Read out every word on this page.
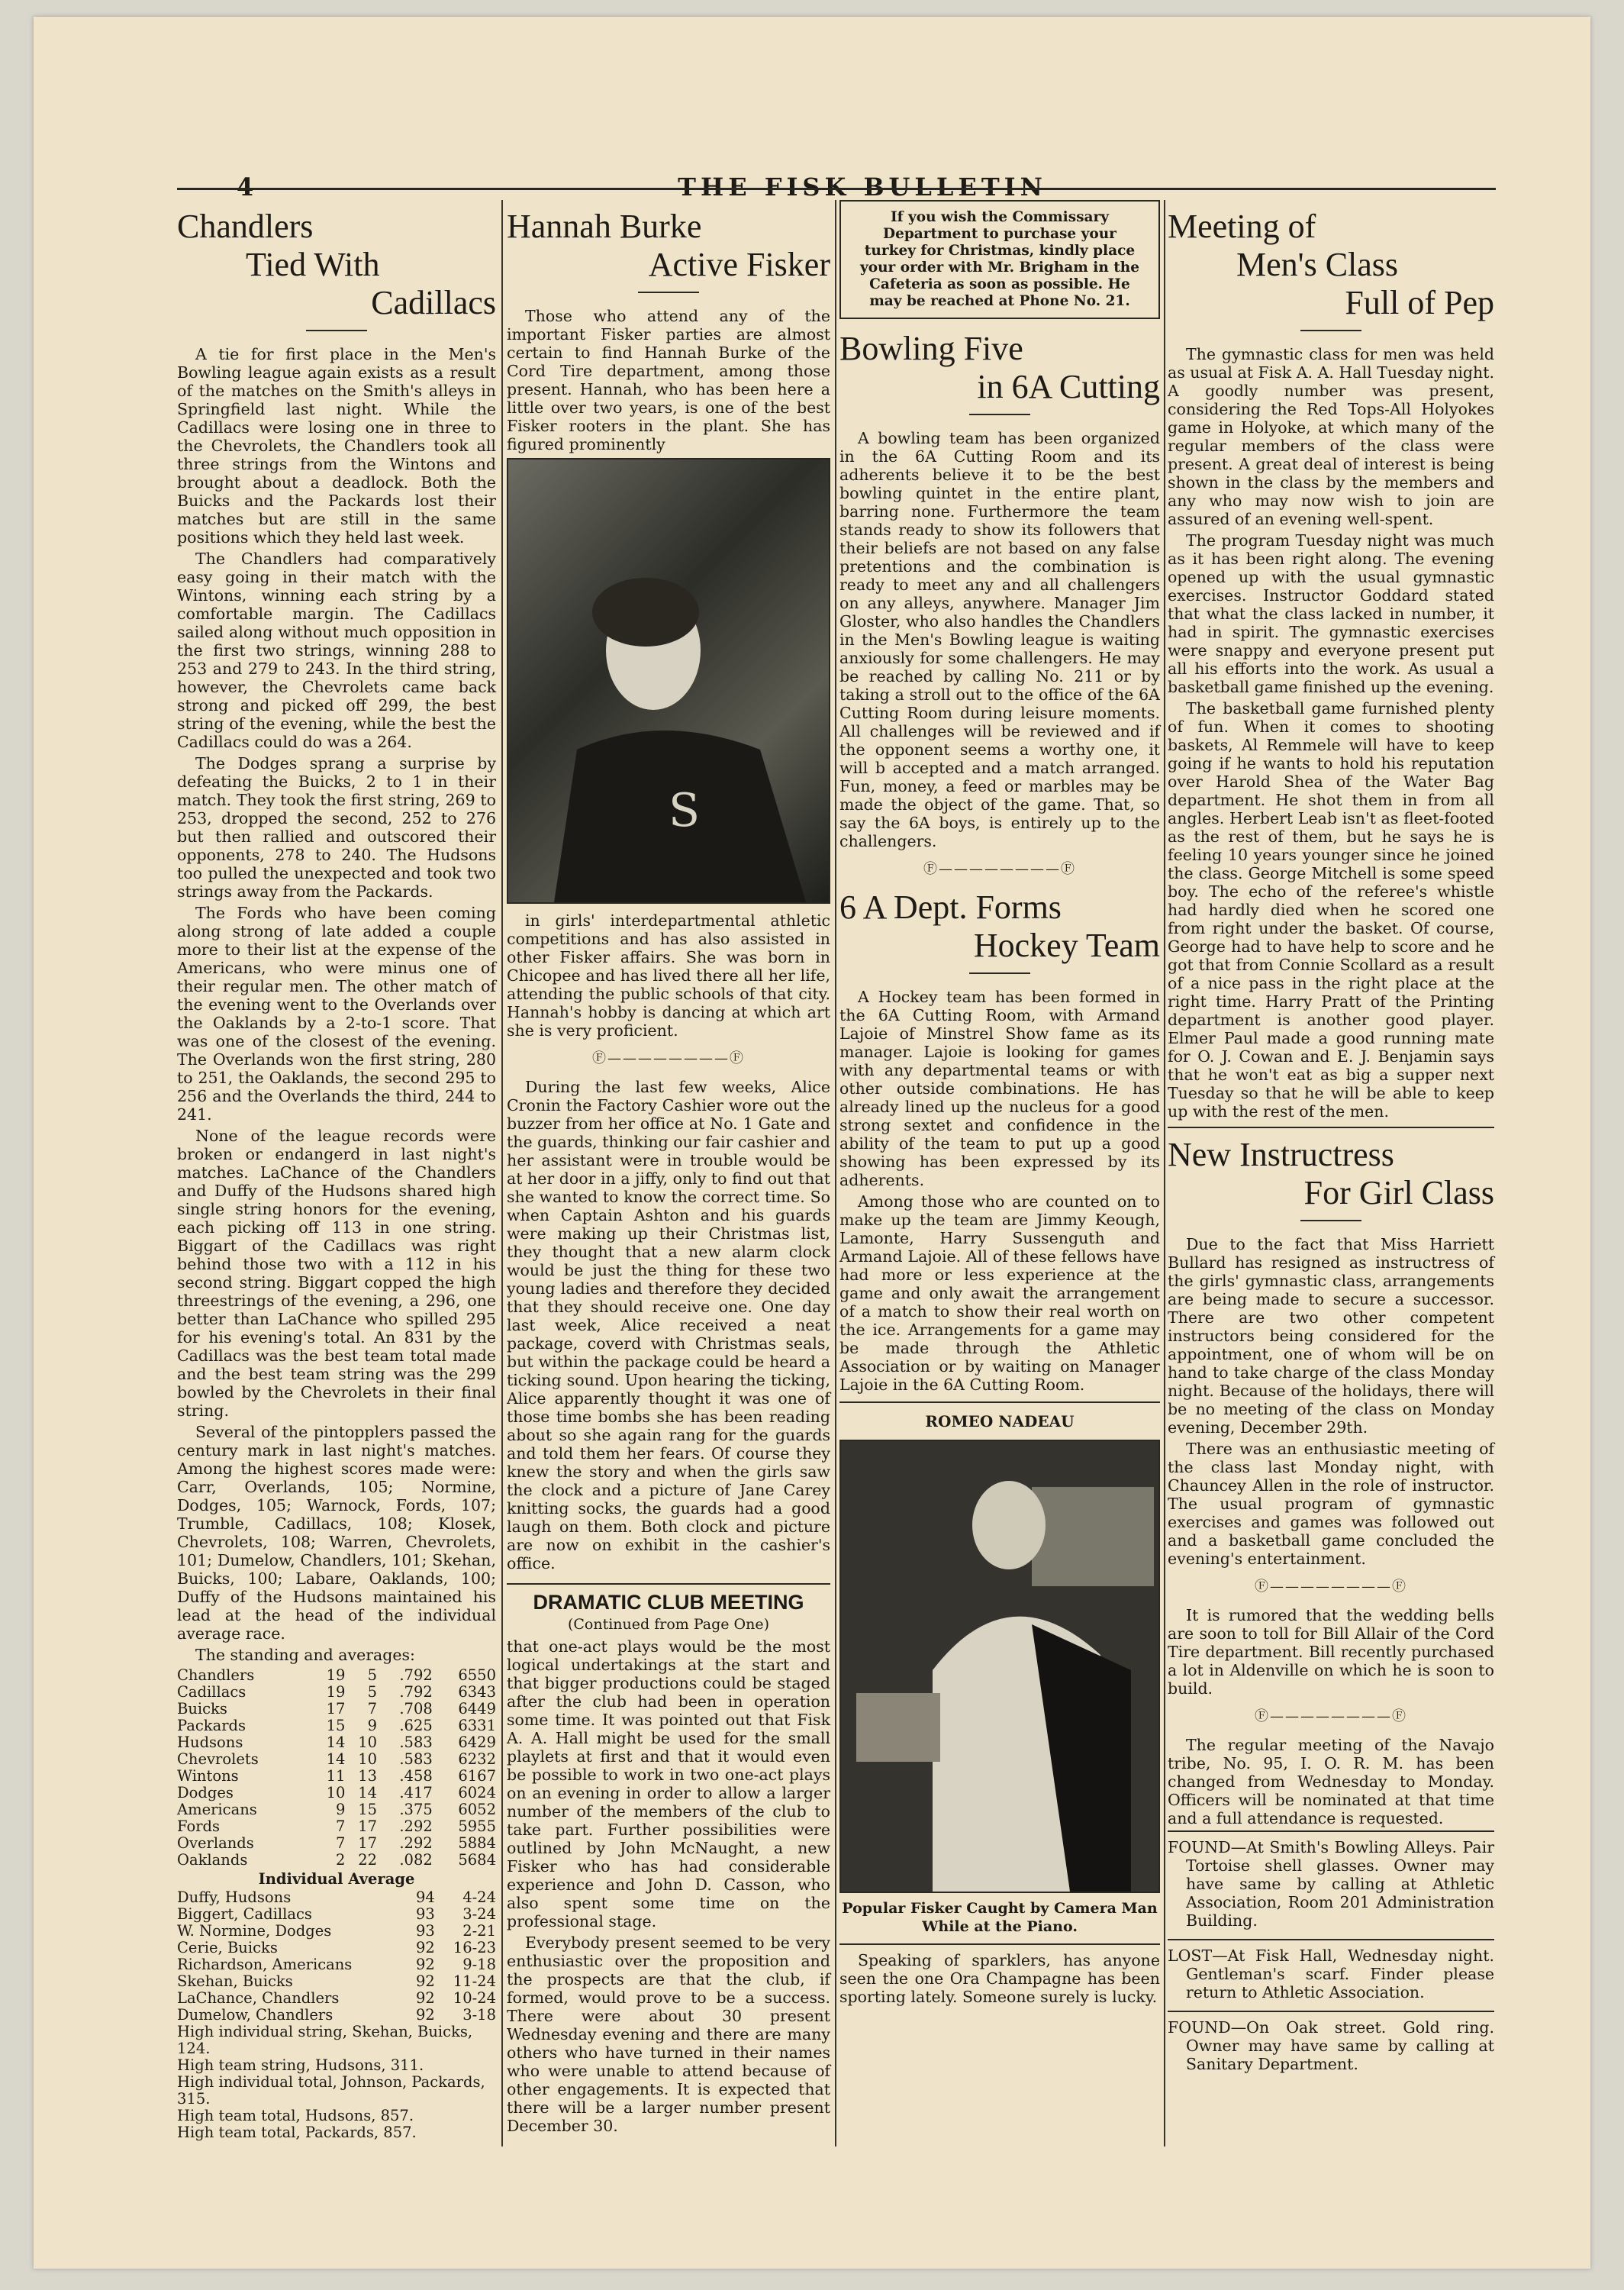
4	THE FISK BULLETIN
Chandlers
Tied With
Cadillacs

A tie for first place in the Men's Bowling league again exists as a result of the matches on the Smith's alleys in Springfield last night. While the Cadillacs were losing one in three to the Chevrolets, the Chandlers took all three strings from the Wintons and brought about a deadlock. Both the Buicks and the Packards lost their matches but are still in the same positions which they held last week.

The Chandlers had comparatively easy going in their match with the Wintons, winning each string by a comfortable margin. The Cadillacs sailed along without much opposition in the first two strings, winning 288 to 253 and 279 to 243. In the third string, however, the Chevrolets came back strong and picked off 299, the best string of the evening, while the best the Cadillacs could do was a 264.

The Dodges sprang a surprise by defeating the Buicks, 2 to 1 in their match. They took the first string, 269 to 253, dropped the second, 252 to 276 but then rallied and outscored their opponents, 278 to 240. The Hudsons too pulled the unexpected and took two strings away from the Packards.

The Fords who have been coming along strong of late added a couple more to their list at the expense of the Americans, who were minus one of their regular men. The other match of the evening went to the Overlands over the Oaklands by a 2-to-1 score. That was one of the closest of the evening. The Overlands won the first string, 280 to 251, the Oaklands, the second 295 to 256 and the Overlands the third, 244 to 241.

None of the league records were broken or endangerd in last night's matches. LaChance of the Chandlers and Duffy of the Hudsons shared high single string honors for the evening, each picking off 113 in one string. Biggart of the Cadillacs was right behind those two with a 112 in his second string. Biggart copped the high threestrings of the evening, a 296, one better than LaChance who spilled 295 for his evening's total. An 831 by the Cadillacs was the best team total made and the best team string was the 299 bowled by the Chevrolets in their final string.

Several of the pintopplers passed the century mark in last night's matches. Among the highest scores made were: Carr, Overlands, 105; Normine, Dodges, 105; Warnock, Fords, 107; Trumble, Cadillacs, 108; Klosek, Chevrolets, 108; Warren, Chevrolets, 101; Dumelow, Chandlers, 101; Skehan, Buicks, 100; Labare, Oaklands, 100; Duffy of the Hudsons maintained his lead at the head of the individual average race.

The standing and averages:

Chandlers	19	5	.792	6550
Cadillacs	19	5	.792	6343
Buicks	17	7	.708	6449
Packards	15	9	.625	6331
Hudsons	14	10	.583	6429
Chevrolets	14	10	.583	6232
Wintons	11	13	.458	6167
Dodges	10	14	.417	6024
Americans	9	15	.375	6052
Fords	7	17	.292	5955
Overlands	7	17	.292	5884
Oaklands	2	22	.082	5684
Individual Average
Duffy, Hudsons	94 4-24
Biggert, Cadillacs	93 3-24
W. Normine, Dodges	93 2-21
Cerie, Buicks	92 16-23
Richardson, Americans	92 9-18
Skehan, Buicks	92 11-24
LaChance, Chandlers	92 10-24
Dumelow, Chandlers	92 3-18
High individual string, Skehan, Buicks, 124.
High team string, Hudsons, 311.
High individual total, Johnson, Packards, 315.
High team total, Hudsons, 857.
High team total, Packards, 857.
Hannah Burke
Active Fisker

Those who attend any of the important Fisker parties are almost certain to find Hannah Burke of the Cord Tire department, among those present. Hannah, who has been here a little over two years, is one of the best Fisker rooters in the plant. She has figured prominently

S

in girls' interdepartmental athletic competitions and has also assisted in other Fisker affairs. She was born in Chicopee and has lived there all her life, attending the public schools of that city. Hannah's hobby is dancing at which art she is very proficient.

Ⓕ————————Ⓕ

During the last few weeks, Alice Cronin the Factory Cashier wore out the buzzer from her office at No. 1 Gate and the guards, thinking our fair cashier and her assistant were in trouble would be at her door in a jiffy, only to find out that she wanted to know the correct time. So when Captain Ashton and his guards were making up their Christmas list, they thought that a new alarm clock would be just the thing for these two young ladies and therefore they decided that they should receive one. One day last week, Alice received a neat package, coverd with Christmas seals, but within the package could be heard a ticking sound. Upon hearing the ticking, Alice apparently thought it was one of those time bombs she has been reading about so she again rang for the guards and told them her fears. Of course they knew the story and when the girls saw the clock and a picture of Jane Carey knitting socks, the guards had a good laugh on them. Both clock and picture are now on exhibit in the cashier's office.

DRAMATIC CLUB MEETING
(Continued from Page One)

that one-act plays would be the most logical undertakings at the start and that bigger productions could be staged after the club had been in operation some time. It was pointed out that Fisk A. A. Hall might be used for the small playlets at first and that it would even be possible to work in two one-act plays on an evening in order to allow a larger number of the members of the club to take part. Further possibilities were outlined by John McNaught, a new Fisker who has had considerable experience and John D. Casson, who also spent some time on the professional stage.

Everybody present seemed to be very enthusiastic over the proposition and the prospects are that the club, if formed, would prove to be a success. There were about 30 present Wednesday evening and there are many others who have turned in their names who were unable to attend because of other engagements. It is expected that there will be a larger number present December 30.

If you wish the Commissary Department to purchase your turkey for Christmas, kindly place your order with Mr. Brigham in the Cafeteria as soon as possible. He may be reached at Phone No. 21.
Bowling Five
in 6A Cutting

A bowling team has been organized in the 6A Cutting Room and its adherents believe it to be the best bowling quintet in the entire plant, barring none. Furthermore the team stands ready to show its followers that their beliefs are not based on any false pretentions and the combination is ready to meet any and all challengers on any alleys, anywhere. Manager Jim Gloster, who also handles the Chandlers in the Men's Bowling league is waiting anxiously for some challengers. He may be reached by calling No. 211 or by taking a stroll out to the office of the 6A Cutting Room during leisure moments. All challenges will be reviewed and if the opponent seems a worthy one, it will b accepted and a match arranged. Fun, money, a feed or marbles may be made the object of the game. That, so say the 6A boys, is entirely up to the challengers.

Ⓕ————————Ⓕ
6 A Dept. Forms
Hockey Team

A Hockey team has been formed in the 6A Cutting Room, with Armand Lajoie of Minstrel Show fame as its manager. Lajoie is looking for games with any departmental teams or with other outside combinations. He has already lined up the nucleus for a good strong sextet and confidence in the ability of the team to put up a good showing has been expressed by its adherents.

Among those who are counted on to make up the team are Jimmy Keough, Lamonte, Harry Sussenguth and Armand Lajoie. All of these fellows have had more or less experience at the game and only await the arrangement of a match to show their real worth on the ice. Arrangements for a game may be made through the Athletic Association or by waiting on Manager Lajoie in the 6A Cutting Room.

ROMEO NADEAU
Popular Fisker Caught by Camera Man While at the Piano.

Speaking of sparklers, has anyone seen the one Ora Champagne has been sporting lately. Someone surely is lucky.

Meeting of
Men's Class
Full of Pep

The gymnastic class for men was held as usual at Fisk A. A. Hall Tuesday night. A goodly number was present, considering the Red Tops-All Holyokes game in Holyoke, at which many of the regular members of the class were present. A great deal of interest is being shown in the class by the members and any who may now wish to join are assured of an evening well-spent.

The program Tuesday night was much as it has been right along. The evening opened up with the usual gymnastic exercises. Instructor Goddard stated that what the class lacked in number, it had in spirit. The gymnastic exercises were snappy and everyone present put all his efforts into the work. As usual a basketball game finished up the evening.

The basketball game furnished plenty of fun. When it comes to shooting baskets, Al Remmele will have to keep going if he wants to hold his reputation over Harold Shea of the Water Bag department. He shot them in from all angles. Herbert Leab isn't as fleet-footed as the rest of them, but he says he is feeling 10 years younger since he joined the class. George Mitchell is some speed boy. The echo of the referee's whistle had hardly died when he scored one from right under the basket. Of course, George had to have help to score and he got that from Connie Scollard as a result of a nice pass in the right place at the right time. Harry Pratt of the Printing department is another good player. Elmer Paul made a good running mate for O. J. Cowan and E. J. Benjamin says that he won't eat as big a supper next Tuesday so that he will be able to keep up with the rest of the men.

New Instructress
For Girl Class

Due to the fact that Miss Harriett Bullard has resigned as instructress of the girls' gymnastic class, arrangements are being made to secure a successor. There are two other competent instructors being considered for the appointment, one of whom will be on hand to take charge of the class Monday night. Because of the holidays, there will be no meeting of the class on Monday evening, December 29th.

There was an enthusiastic meeting of the class last Monday night, with Chauncey Allen in the role of instructor. The usual program of gymnastic exercises and games was followed out and a basketball game concluded the evening's entertainment.

Ⓕ————————Ⓕ

It is rumored that the wedding bells are soon to toll for Bill Allair of the Cord Tire department. Bill recently purchased a lot in Aldenville on which he is soon to build.

Ⓕ————————Ⓕ

The regular meeting of the Navajo tribe, No. 95, I. O. R. M. has been changed from Wednesday to Monday. Officers will be nominated at that time and a full attendance is requested.

FOUND—At Smith's Bowling Alleys. Pair Tortoise shell glasses. Owner may have same by calling at Athletic Association, Room 201 Administration Building.

LOST—At Fisk Hall, Wednesday night. Gentleman's scarf. Finder please return to Athletic Association.

FOUND—On Oak street. Gold ring. Owner may have same by calling at Sanitary Department.
